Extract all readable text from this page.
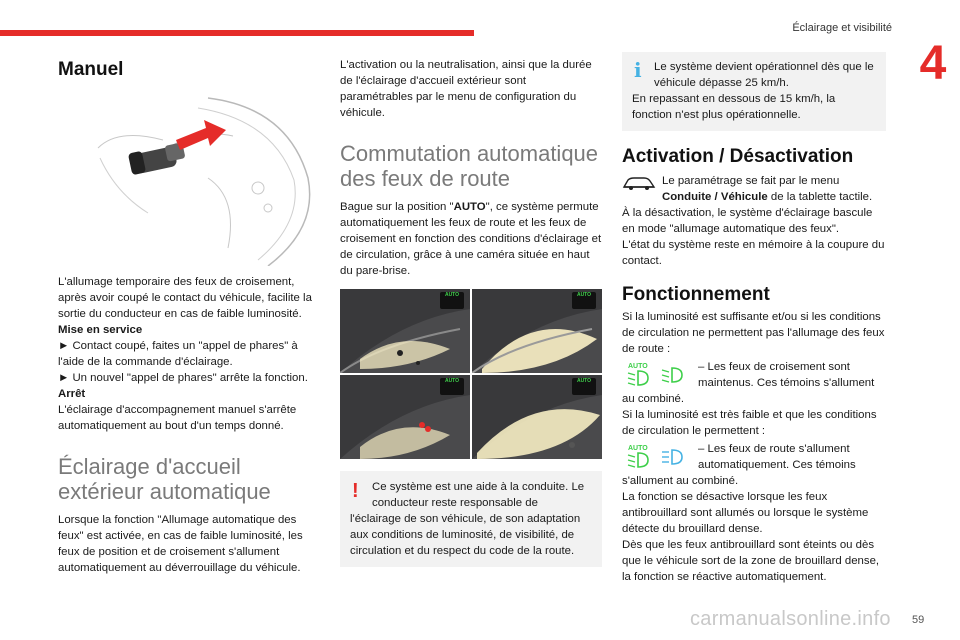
Éclairage et visibilité
4
Manuel

L'allumage temporaire des feux de croisement, après avoir coupé le contact du véhicule, facilite la sortie du conducteur en cas de faible luminosité.

Mise en service

► Contact coupé, faites un "appel de phares" à l'aide de la commande d'éclairage.

► Un nouvel "appel de phares" arrête la fonction.

Arrêt

L'éclairage d'accompagnement manuel s'arrête automatiquement au bout d'un temps donné.

Éclairage d'accueil extérieur automatique

Lorsque la fonction "Allumage automatique des feux" est activée, en cas de faible luminosité, les feux de position et de croisement s'allument automatiquement au déverrouillage du véhicule.

L'activation ou la neutralisation, ainsi que la durée de l'éclairage d'accueil extérieur sont paramétrables par le menu de configuration du véhicule.

Commutation automatique des feux de route

Bague sur la position "AUTO", ce système permute automatiquement les feux de route et les feux de croisement en fonction des conditions d'éclairage et de circulation, grâce à une caméra située en haut du pare-brise.

AUTO	AUTO
AUTO	AUTO
!	Ce système est une aide à la conduite. Le conducteur reste responsable de

l'éclairage de son véhicule, de son adaptation aux conditions de luminosité, de visibilité, de circulation et du respect du code de la route.

i	Le système devient opérationnel dès que le véhicule dépasse 25 km/h.

En repassant en dessous de 15 km/h, la fonction n'est plus opérationnelle.

Activation / Désactivation

Le paramétrage se fait par le menu Conduite / Véhicule de la tablette tactile.

À la désactivation, le système d'éclairage bascule en mode "allumage automatique des feux".

L'état du système reste en mémoire à la coupure du contact.

Fonctionnement

Si la luminosité est suffisante et/ou si les conditions de circulation ne permettent pas l'allumage des feux de route :

AUTO	– Les feux de croisement sont maintenus. Ces témoins s'allument

au combiné.

Si la luminosité est très faible et que les conditions de circulation le permettent :

AUTO	– Les feux de route s'allument automatiquement. Ces témoins

s'allument au combiné.

La fonction se désactive lorsque les feux antibrouillard sont allumés ou lorsque le système détecte du brouillard dense.

Dès que les feux antibrouillard sont éteints ou dès que le véhicule sort de la zone de brouillard dense, la fonction se réactive automatiquement.

carmanualsonline.info 59
